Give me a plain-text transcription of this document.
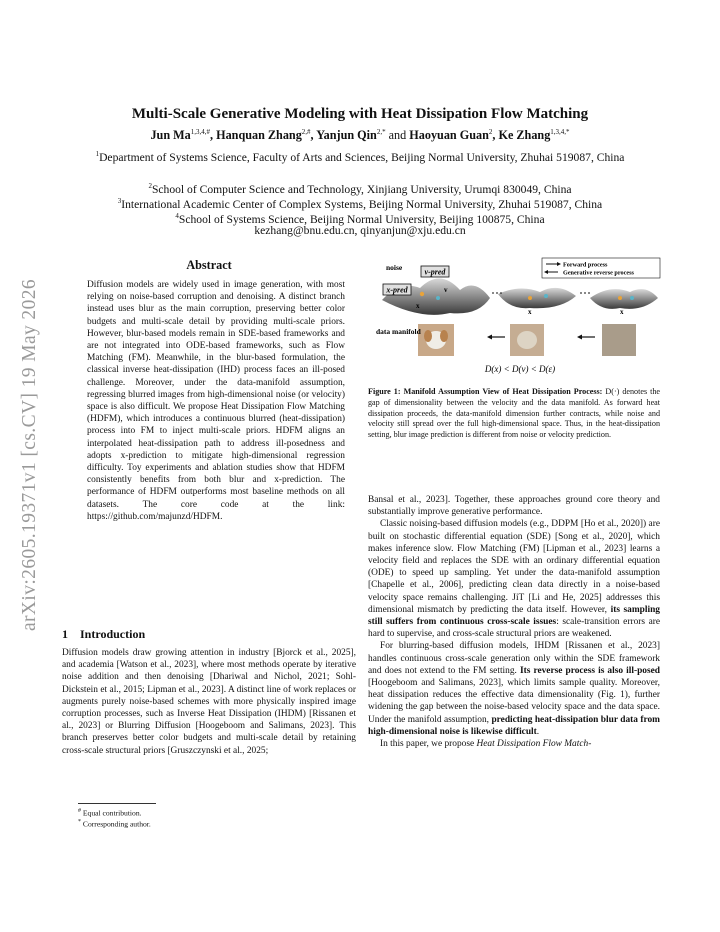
arXiv:2605.19371v1 [cs.CV] 19 May 2026
Multi-Scale Generative Modeling with Heat Dissipation Flow Matching
Jun $Ma^{1,3,4,\#}$, Hanquan Zhang$^{2,\#}$, Yanjun Qin$^{2,*}$ and Haoyuan Guan$^2$, Ke Zhang$^{1,3,4,*}$
$^1$Department of Systems Science, Faculty of Arts and Sciences, Beijing Normal University, Zhuhai 519087, China
$^2$School of Computer Science and Technology, Xinjiang University, Urumqi 830049, China
$^3$International Academic Center of Complex Systems, Beijing Normal University, Zhuhai 519087, China
$^4$School of Systems Science, Beijing Normal University, Beijing 100875, China
kezhang@bnu.edu.cn, qinyanjun@xju.edu.cn
Abstract
Diffusion models are widely used in image generation, with most relying on noise-based corruption and denoising. A distinct branch instead uses blur as the main corruption, preserving better color budgets and multi-scale detail by providing multi-scale priors. However, blur-based models remain in SDE-based frameworks and are not integrated into ODE-based frameworks, such as Flow Matching (FM). Meanwhile, in the blur-based formulation, the classical inverse heat-dissipation (IHD) process faces an ill-posed challenge. Moreover, under the data-manifold assumption, regressing blurred images from high-dimensional noise (or velocity) space is also difficult. We propose Heat Dissipation Flow Matching (HDFM), which introduces a continuous blurred (heat-dissipation) process into FM to inject multi-scale priors. HDFM aligns an interpolated heat-dissipation path to address ill-posedness and adopts x-prediction to mitigate high-dimensional regression difficulty. Toy experiments and ablation studies show that HDFM consistently benefits from both blur and x-prediction. The performance of HDFM outperforms most baseline methods on all datasets. The core code at the link: https://github.com/majunzd/HDFM.
1 Introduction
Diffusion models draw growing attention in industry [Bjorck et al., 2025], and academia [Watson et al., 2023], where most methods operate by iterative noise addition and then denoising [Dhariwal and Nichol, 2021; Sohl-Dickstein et al., 2015; Lipman et al., 2023]. A distinct line of work replaces or augments purely noise-based schemes with more physically inspired image corruption processes, such as Inverse Heat Dissipation (IHDM) [Rissanen et al., 2023] or Blurring Diffusion [Hoogeboom and Salimans, 2023]. This branch preserves better color budgets and multi-scale detail by retaining cross-scale structural priors [Gruszczynski et al., 2025;
# Equal contribution.
* Corresponding author.
v-pred
x-pred
noise
data manifold
v
x
x	x
Forward process
Generative reverse process
D(x) < D(v) < D(ε)
Figure 1: Manifold Assumption View of Heat Dissipation Process: D(·) denotes the gap of dimensionality between the velocity and the data manifold. As forward heat dissipation proceeds, the data-manifold dimension further contracts, while noise and velocity still spread over the full high-dimensional space. Thus, in the heat-dissipation setting, blur image prediction is different from noise or velocity prediction.

Bansal et al., 2023]. Together, these approaches ground core theory and substantially improve generative performance.

Classic noising-based diffusion models (e.g., DDPM [Ho et al., 2020]) are built on stochastic differential equation (SDE) [Song et al., 2020], which makes inference slow. Flow Matching (FM) [Lipman et al., 2023] learns a velocity field and replaces the SDE with an ordinary differential equation (ODE) to speed up sampling. Yet under the data-manifold assumption [Chapelle et al., 2006], predicting clean data directly in a noise-based velocity space remains challenging. JiT [Li and He, 2025] addresses this dimensional mismatch by predicting the data itself. However, its sampling still suffers from continuous cross-scale issues: scale-transition errors are hard to supervise, and cross-scale structural priors are weakened.

For blurring-based diffusion models, IHDM [Rissanen et al., 2023] handles continuous cross-scale generation only within the SDE framework and does not extend to the FM setting. Its reverse process is also ill-posed [Hoogeboom and Salimans, 2023], which limits sample quality. Moreover, heat dissipation reduces the effective data dimensionality (Fig. 1), further widening the gap between the noise-based velocity space and the data space. Under the manifold assumption, predicting heat-dissipation blur data from high-dimensional noise is likewise difficult.

In this paper, we propose Heat Dissipation Flow Match-
